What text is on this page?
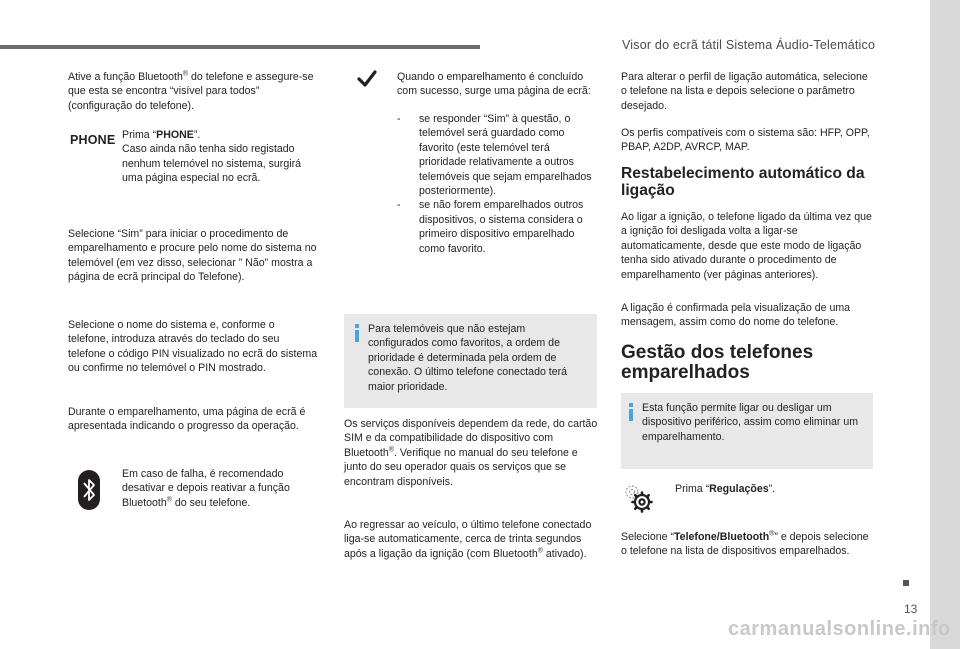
Visor do ecrã tátil Sistema Áudio-Telemático
13
carmanualsonline.info

Ative a função Bluetooth® do telefone e assegure-se que esta se encontra “visível para todos” (configuração do telefone).

PHONE Prima “PHONE”.
Caso ainda não tenha sido registado nenhum telemóvel no sistema, surgirá uma página especial no ecrã.

Selecione “Sim” para iniciar o procedimento de emparelhamento e procure pelo nome do sistema no telemóvel (em vez disso, selecionar ” Não” mostra a página de ecrã principal do Telefone).

Selecione o nome do sistema e, conforme o telefone, introduza através do teclado do seu telefone o código PIN visualizado no ecrã do sistema ou confirme no telemóvel o PIN mostrado.

Durante o emparelhamento, uma página de ecrã é apresentada indicando o progresso da operação.

Em caso de falha, é recomendado desativar e depois reativar a função Bluetooth® do seu telefone.

Quando o emparelhamento é concluído com sucesso, surge uma página de ecrã:

- se responder “Sim” à questão, o telemóvel será guardado como favorito (este telemóvel terá prioridade relativamente a outros telemóveis que sejam emparelhados posteriormente).
- se não forem emparelhados outros dispositivos, o sistema considera o primeiro dispositivo emparelhado como favorito.

Para telemóveis que não estejam configurados como favoritos, a ordem de prioridade é determinada pela ordem de conexão. O último telefone conectado terá maior prioridade.

Os serviços disponíveis dependem da rede, do cartão SIM e da compatibilidade do dispositivo com Bluetooth®. Verifique no manual do seu telefone e junto do seu operador quais os serviços que se encontram disponíveis.

Ao regressar ao veículo, o último telefone conectado liga-se automaticamente, cerca de trinta segundos após a ligação da ignição (com Bluetooth® ativado).

Para alterar o perfil de ligação automática, selecione o telefone na lista e depois selecione o parâmetro desejado.

Os perfis compatíveis com o sistema são: HFP, OPP, PBAP, A2DP, AVRCP, MAP.

Restabelecimento automático da ligação

Ao ligar a ignição, o telefone ligado da última vez que a ignição foi desligada volta a ligar-se automaticamente, desde que este modo de ligação tenha sido ativado durante o procedimento de emparelhamento (ver páginas anteriores).

A ligação é confirmada pela visualização de uma mensagem, assim como do nome do telefone.

Gestão dos telefones emparelhados

Esta função permite ligar ou desligar um dispositivo periférico, assim como eliminar um emparelhamento.

Prima “Regulações”.

Selecione “Telefone/Bluetooth®” e depois selecione o telefone na lista de dispositivos emparelhados.
